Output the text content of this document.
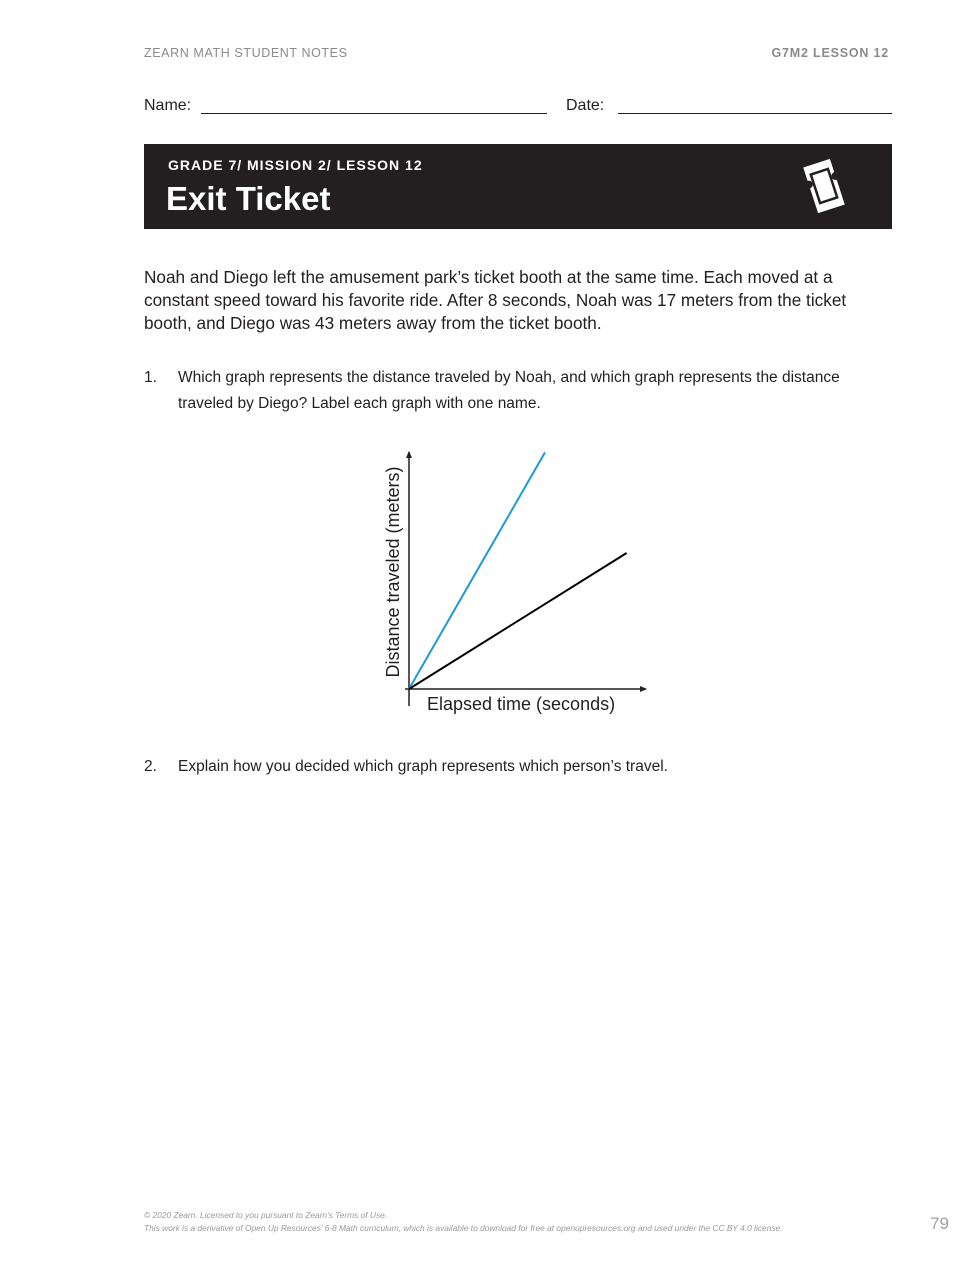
ZEARN MATH STUDENT NOTES	G7M2 LESSON 12
Name:	Date:
GRADE 7/ MISSION 2/ LESSON 12
Exit Ticket
Noah and Diego left the amusement park’s ticket booth at the same time. Each moved at a constant speed toward his favorite ride. After 8 seconds, Noah was 17 meters from the ticket booth, and Diego was 43 meters away from the ticket booth.
1. Which graph represents the distance traveled by Noah, and which graph represents the distance traveled by Diego? Label each graph with one name.
Elapsed time (seconds)
Distance traveled (meters)
2. Explain how you decided which graph represents which person’s travel.
© 2020 Zearn. Licensed to you pursuant to Zearn’s Terms of Use.
This work is a derivative of Open Up Resources’ 6-8 Math curriculum, which is available to download for free at openupresources.org and used under the CC BY 4.0 license.	79
